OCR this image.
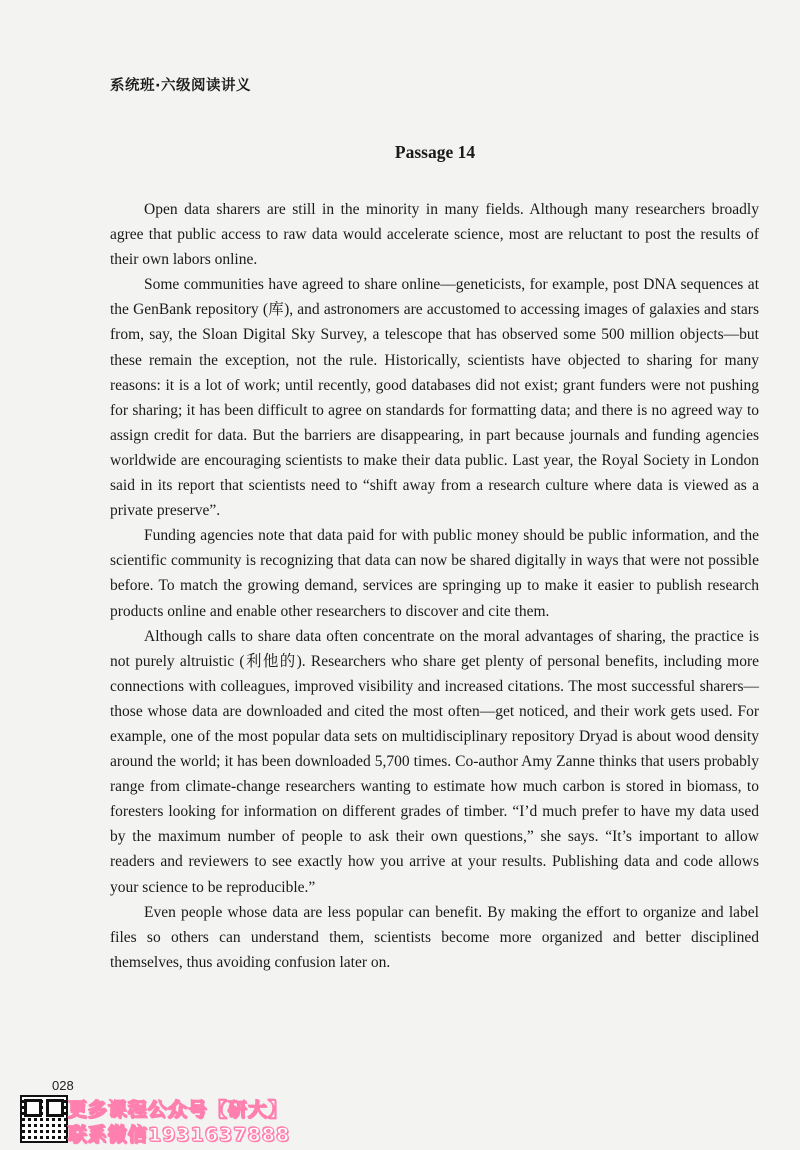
系统班·六级阅读讲义
Passage 14

Open data sharers are still in the minority in many fields. Although many researchers broadly agree that public access to raw data would accelerate science, most are reluctant to post the results of their own labors online.

Some communities have agreed to share online—geneticists, for example, post DNA sequences at the GenBank repository (库), and astronomers are accustomed to accessing images of galaxies and stars from, say, the Sloan Digital Sky Survey, a telescope that has observed some 500 million objects—but these remain the exception, not the rule. Historically, scientists have objected to sharing for many reasons: it is a lot of work; until recently, good databases did not exist; grant funders were not pushing for sharing; it has been difficult to agree on standards for formatting data; and there is no agreed way to assign credit for data. But the barriers are disappearing, in part because journals and funding agencies worldwide are encouraging scientists to make their data public. Last year, the Royal Society in London said in its report that scientists need to “shift away from a research culture where data is viewed as a private preserve”.

Funding agencies note that data paid for with public money should be public information, and the scientific community is recognizing that data can now be shared digitally in ways that were not possible before. To match the growing demand, services are springing up to make it easier to publish research products online and enable other researchers to discover and cite them.

Although calls to share data often concentrate on the moral advantages of sharing, the practice is not purely altruistic (利他的). Researchers who share get plenty of personal benefits, including more connections with colleagues, improved visibility and increased citations. The most successful sharers—those whose data are downloaded and cited the most often—get noticed, and their work gets used. For example, one of the most popular data sets on multidisciplinary repository Dryad is about wood density around the world; it has been downloaded 5,700 times. Co-author Amy Zanne thinks that users probably range from climate-change researchers wanting to estimate how much carbon is stored in biomass, to foresters looking for information on different grades of timber. “I’d much prefer to have my data used by the maximum number of people to ask their own questions,” she says. “It’s important to allow readers and reviewers to see exactly how you arrive at your results. Publishing data and code allows your science to be reproducible.”

Even people whose data are less popular can benefit. By making the effort to organize and label files so others can understand them, scientists become more organized and better disciplined themselves, thus avoiding confusion later on.

028
更多课程公众号【研大】
联系微信1931637888
